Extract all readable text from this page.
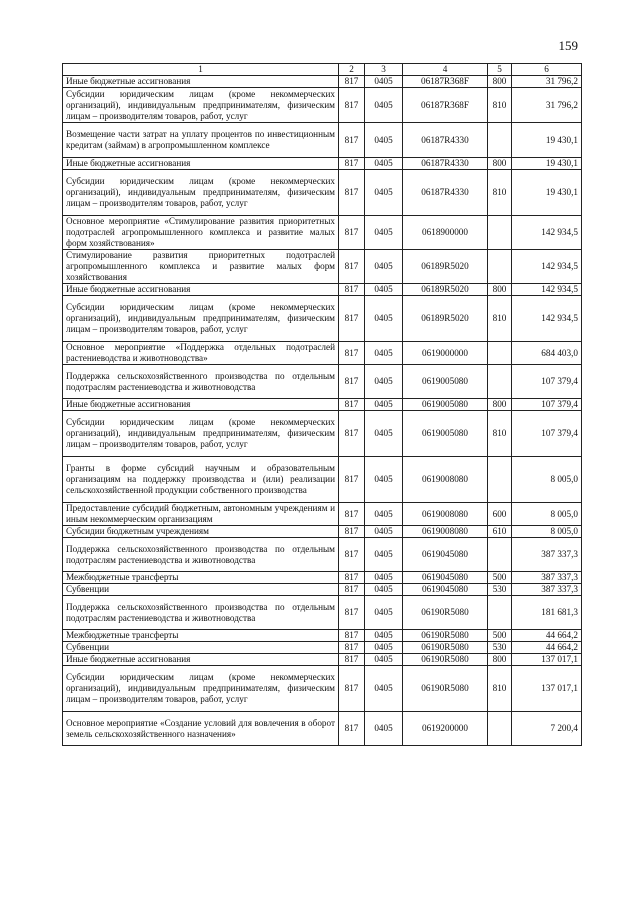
159
1	2	3	4	5	6
Иные бюджетные ассигнования	817	0405	06187R368F	800	31 796,2
Субсидии юридическим лицам (кроме некоммерческих организаций), индивидуальным предпринимателям, физическим лицам – производителям товаров, работ, услуг	817	0405	06187R368F	810	31 796,2
Возмещение части затрат на уплату процентов по инвестиционным кредитам (займам) в агропромышленном комплексе	817	0405	06187R4330		19 430,1
Иные бюджетные ассигнования	817	0405	06187R4330	800	19 430,1
Субсидии юридическим лицам (кроме некоммерческих организаций), индивидуальным предпринимателям, физическим лицам – производителям товаров, работ, услуг	817	0405	06187R4330	810	19 430,1
Основное мероприятие «Стимулирование развития приоритетных подотраслей агропромышленного комплекса и развитие малых форм хозяйствования»	817	0405	0618900000		142 934,5
Стимулирование развития приоритетных подотраслей агропромышленного комплекса и развитие малых форм хозяйствования	817	0405	06189R5020		142 934,5
Иные бюджетные ассигнования	817	0405	06189R5020	800	142 934,5
Субсидии юридическим лицам (кроме некоммерческих организаций), индивидуальным предпринимателям, физическим лицам – производителям товаров, работ, услуг	817	0405	06189R5020	810	142 934,5
Основное мероприятие «Поддержка отдельных подотраслей растениеводства и животноводства»	817	0405	0619000000		684 403,0
Поддержка сельскохозяйственного производства по отдельным подотраслям растениеводства и животноводства	817	0405	0619005080		107 379,4
Иные бюджетные ассигнования	817	0405	0619005080	800	107 379,4
Субсидии юридическим лицам (кроме некоммерческих организаций), индивидуальным предпринимателям, физическим лицам – производителям товаров, работ, услуг	817	0405	0619005080	810	107 379,4
Гранты в форме субсидий научным и образовательным организациям на поддержку производства и (или) реализации сельскохозяйственной продукции собственного производства	817	0405	0619008080		8 005,0
Предоставление субсидий бюджетным, автономным учреждениям и иным некоммерческим организациям	817	0405	0619008080	600	8 005,0
Субсидии бюджетным учреждениям	817	0405	0619008080	610	8 005,0
Поддержка сельскохозяйственного производства по отдельным подотраслям растениеводства и животноводства	817	0405	0619045080		387 337,3
Межбюджетные трансферты	817	0405	0619045080	500	387 337,3
Субвенции	817	0405	0619045080	530	387 337,3
Поддержка сельскохозяйственного производства по отдельным подотраслям растениеводства и животноводства	817	0405	06190R5080		181 681,3
Межбюджетные трансферты	817	0405	06190R5080	500	44 664,2
Субвенции	817	0405	06190R5080	530	44 664,2
Иные бюджетные ассигнования	817	0405	06190R5080	800	137 017,1
Субсидии юридическим лицам (кроме некоммерческих организаций), индивидуальным предпринимателям, физическим лицам – производителям товаров, работ, услуг	817	0405	06190R5080	810	137 017,1
Основное мероприятие «Создание условий для вовлечения в оборот земель сельскохозяйственного назначения»	817	0405	0619200000		7 200,4
